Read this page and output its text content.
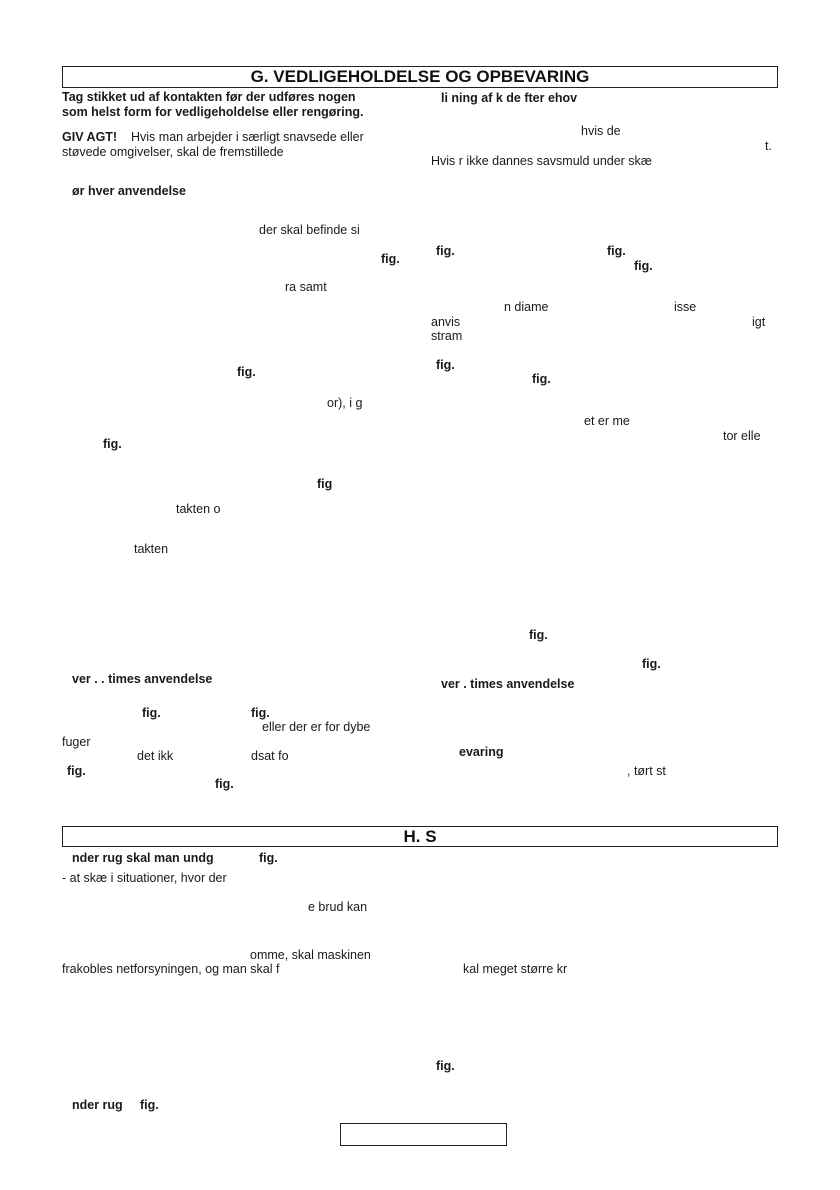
G. VEDLIGEHOLDELSE OG OPBEVARING
Tag stikket ud af kontakten før der udføres nogen
som helst form for vedligeholdelse eller rengøring.
GIV AGT! Hvis man arbejder i særligt snavsede eller
støvede omgivelser, skal de fremstillede
ør hver anvendelse
der skal befinde si
fig.
ra samt
fig.
or), i g
fig.
fig
takten o
takten
ver . . times anvendelse
fig.	fig.
eller der er for dybe
fuger
det ikk	dsat fo
fig.
fig.
li ning af k de fter ehov
hvis de
t.
Hvis r ikke dannes savsmuld under skæ
fig.	fig.
fig.
n diame	isse
anvis	igt
stram
fig.
fig.
et er me
tor elle
fig.
fig.
ver . times anvendelse
evaring
, tørt st
H. S
nder rug skal man undg	fig.
- at skæ i situationer, hvor der
e brud kan
omme, skal maskinen
frakobles netforsyningen, og man skal f	kal meget større kr
fig.
nder rug fig.
